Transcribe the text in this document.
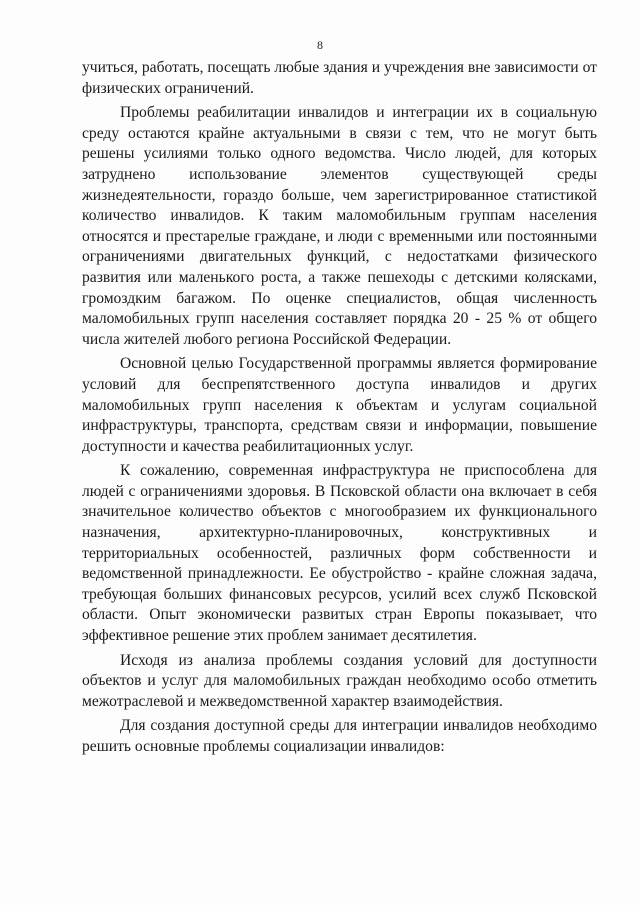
8

учиться, работать, посещать любые здания и учреждения вне зависимости от физических ограничений.

Проблемы реабилитации инвалидов и интеграции их в социальную среду остаются крайне актуальными в связи с тем, что не могут быть решены усилиями только одного ведомства. Число людей, для которых затруднено использование элементов существующей среды жизнедеятельности, гораздо больше, чем зарегистрированное статистикой количество инвалидов. К таким маломобильным группам населения относятся и престарелые граждане, и люди с временными или постоянными ограничениями двигательных функций, с недостатками физического развития или маленького роста, а также пешеходы с детскими колясками, громоздким багажом. По оценке специалистов, общая численность маломобильных групп населения составляет порядка 20 - 25 % от общего числа жителей любого региона Российской Федерации.

Основной целью Государственной программы является формирование условий для беспрепятственного доступа инвалидов и других маломобильных групп населения к объектам и услугам социальной инфраструктуры, транспорта, средствам связи и информации, повышение доступности и качества реабилитационных услуг.

К сожалению, современная инфраструктура не приспособлена для людей с ограничениями здоровья. В Псковской области она включает в себя значительное количество объектов с многообразием их функционального назначения, архитектурно-планировочных, конструктивных и территориальных особенностей, различных форм собственности и ведомственной принадлежности. Ее обустройство - крайне сложная задача, требующая больших финансовых ресурсов, усилий всех служб Псковской области. Опыт экономически развитых стран Европы показывает, что эффективное решение этих проблем занимает десятилетия.

Исходя из анализа проблемы создания условий для доступности объектов и услуг для маломобильных граждан необходимо особо отметить межотраслевой и межведомственной характер взаимодействия.

Для создания доступной среды для интеграции инвалидов необходимо решить основные проблемы социализации инвалидов:
